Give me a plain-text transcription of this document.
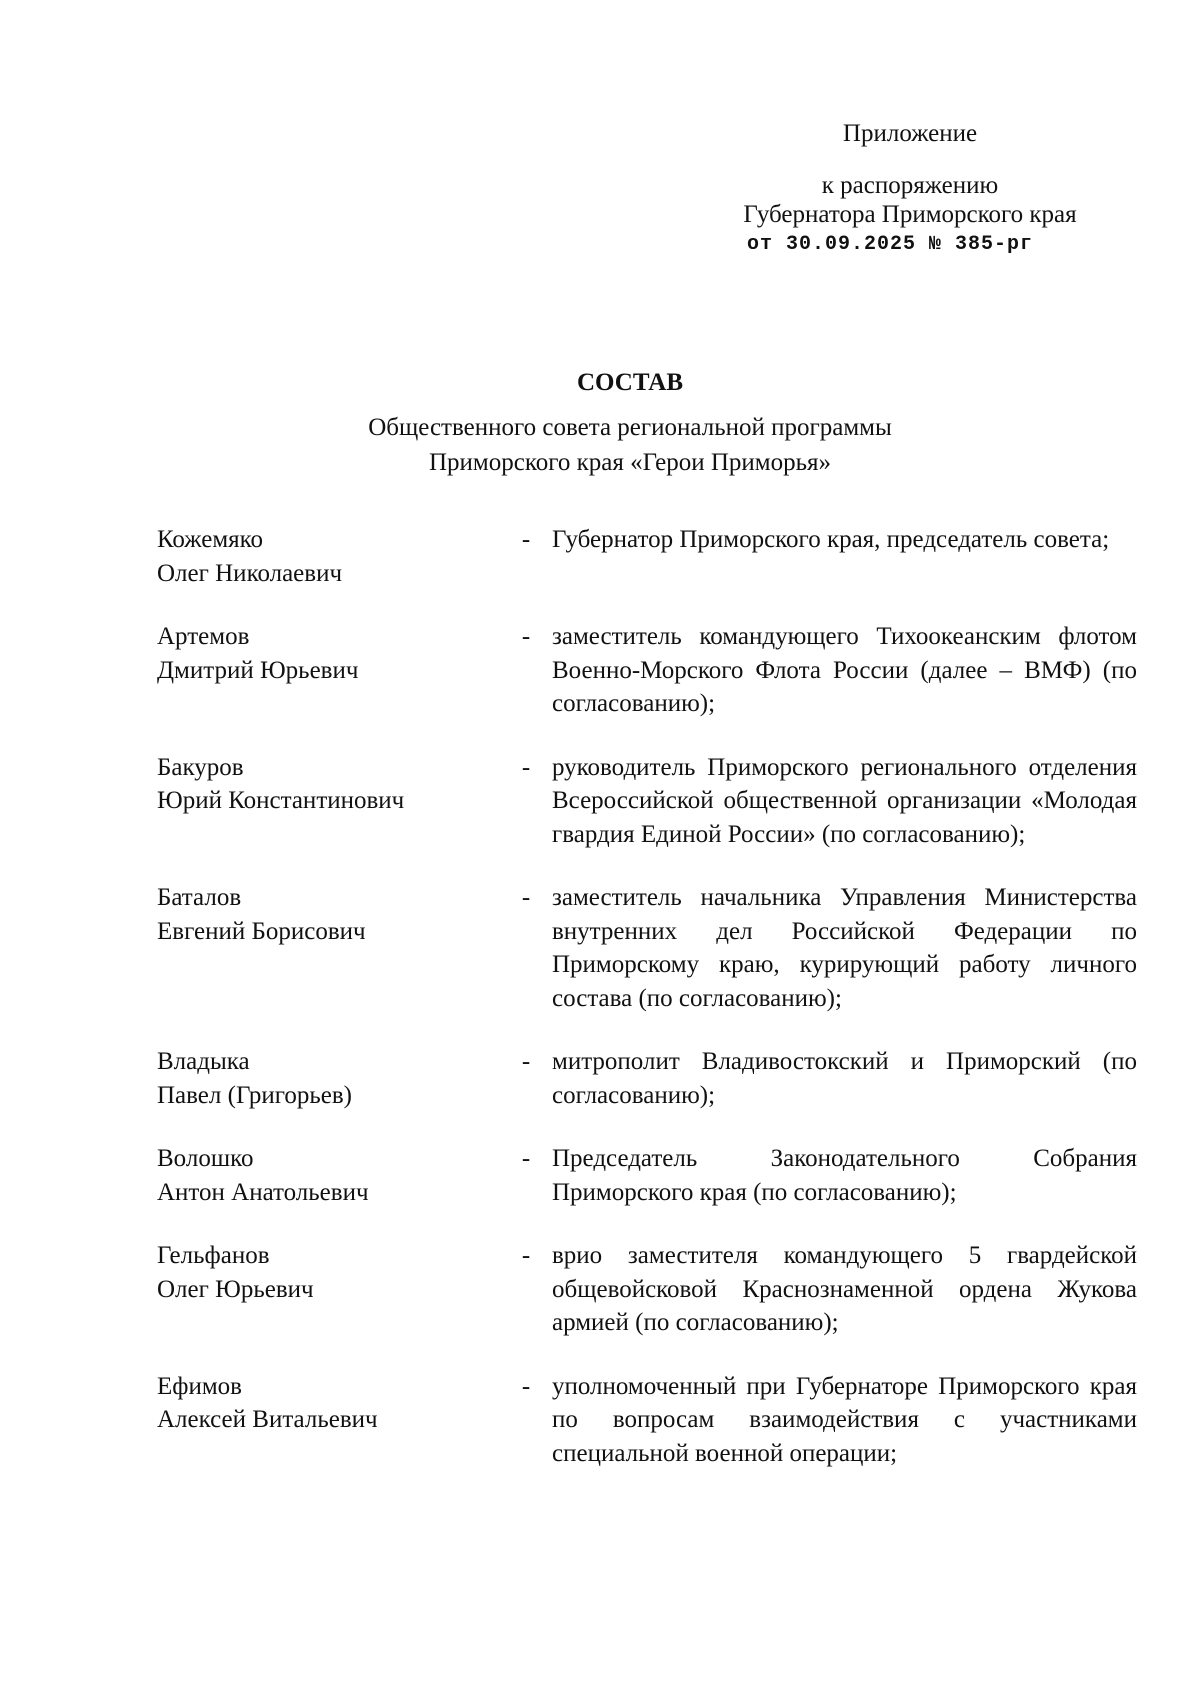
Приложение
к распоряжению
Губернатора Приморского края
от 30.09.2025 № 385-рг
СОСТАВ
Общественного совета региональной программы
Приморского края «Герои Приморья»
Кожемяко
Олег Николаевич
- Губернатор Приморского края, председатель совета;
Артемов
Дмитрий Юрьевич
- заместитель командующего Тихоокеанским флотом Военно-Морского Флота России (далее – ВМФ) (по согласованию);
Бакуров
Юрий Константинович
- руководитель Приморского регионального отделения Всероссийской общественной организации «Молодая гвардия Единой России» (по согласованию);
Баталов
Евгений Борисович
- заместитель начальника Управления Министерства внутренних дел Российской Федерации по Приморскому краю, курирующий работу личного состава (по согласованию);
Владыка
Павел (Григорьев)
- митрополит Владивостокский и Приморский (по согласованию);
Волошко
Антон Анатольевич
- Председатель Законодательного Собрания Приморского края (по согласованию);
Гельфанов
Олег Юрьевич
- врио заместителя командующего 5 гвардейской общевойсковой Краснознаменной ордена Жукова армией (по согласованию);
Ефимов
Алексей Витальевич
- уполномоченный при Губернаторе Приморского края по вопросам взаимодействия с участниками специальной военной операции;
